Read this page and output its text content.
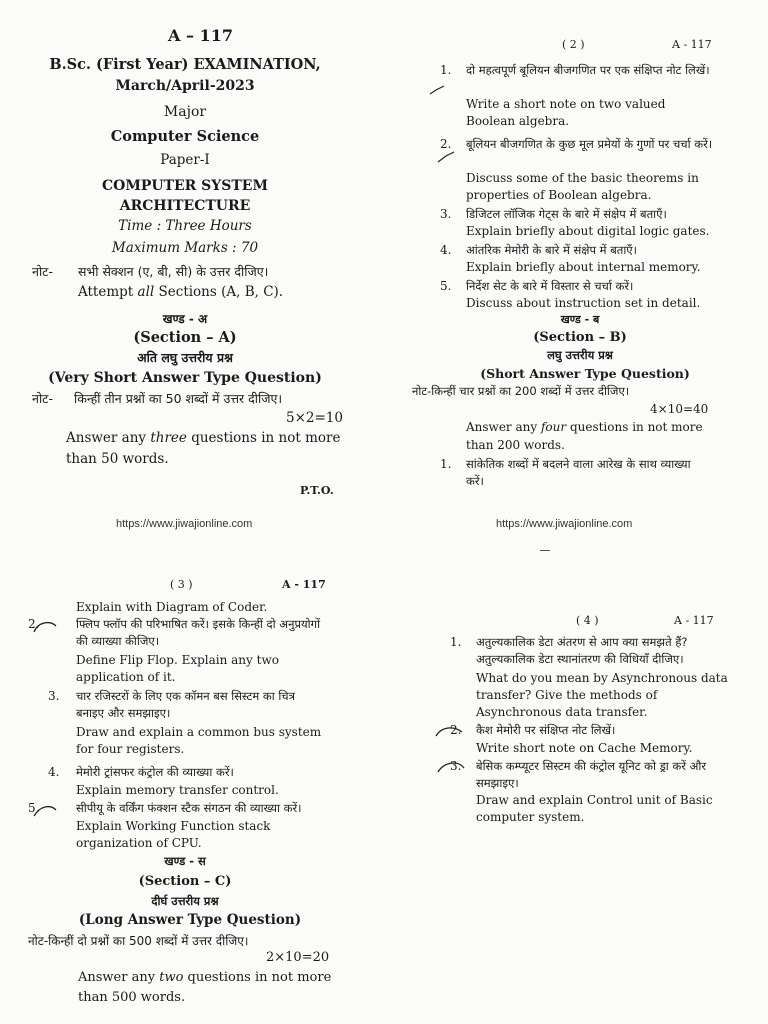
A – 117
B.Sc. (First Year) EXAMINATION,
March/April-2023
Major
Computer Science
Paper-I
COMPUTER SYSTEM
ARCHITECTURE
Time : Three Hours
Maximum Marks : 70
नोट- सभी सेक्शन (ए, बी, सी) के उत्तर दीजिए।
Attempt all Sections (A, B, C).
खण्ड - अ
(Section – A)
अति लघु उत्तरीय प्रश्न
(Very Short Answer Type Question)
नोट- किन्हीं तीन प्रश्नों का 50 शब्दों में उत्तर दीजिए।
5×2=10
Answer any three questions in not more
than 50 words.
P.T.O.
https://www.jiwajionline.com
( 2 )	A - 117
1. दो महत्वपूर्ण बूलियन बीजगणित पर एक संक्षिप्त नोट लिखें।
Write a short note on two valued Boolean algebra.
2. बूलियन बीजगणित के कुछ मूल प्रमेयों के गुणों पर चर्चा करें।
Discuss some of the basic theorems in properties of Boolean algebra.
3. डिजिटल लॉजिक गेट्स के बारे में संक्षेप में बताएँ।
Explain briefly about digital logic gates.
4. आंतरिक मेमोरी के बारे में संक्षेप में बताएँ।
Explain briefly about internal memory.
5. निर्देश सेट के बारे में विस्तार से चर्चा करें।
Discuss about instruction set in detail.
खण्ड - ब
(Section – B)
लघु उत्तरीय प्रश्न
(Short Answer Type Question)
नोट-किन्हीं चार प्रश्नों का 200 शब्दों में उत्तर दीजिए।
4×10=40
Answer any four questions in not more
than 200 words.
1. सांकेतिक शब्दों में बदलने वाला आरेख के साथ व्याख्या करें।
https://www.jiwajionline.com
( 3 )	A - 117
Explain with Diagram of Coder.
2.	फ्लिप फ्लॉप की परिभाषित करें। इसके किन्हीं दो अनुप्रयोगों की व्याख्या कीजिए।
Define Flip Flop. Explain any two application of it.
3. चार रजिस्टरों के लिए एक कॉमन बस सिस्टम का चित्र बनाइए और समझाइए।
Draw and explain a common bus system for four registers.
4. मेमोरी ट्रांसफर कंट्रोल की व्याख्या करें।
Explain memory transfer control.
5.	सीपीयू के वर्किंग फंक्शन स्टैक संगठन की व्याख्या करें।
Explain Working Function stack organization of CPU.
खण्ड - स
(Section – C)
दीर्घ उत्तरीय प्रश्न
(Long Answer Type Question)
नोट-किन्हीं दो प्रश्नों का 500 शब्दों में उत्तर दीजिए।
2×10=20
Answer any two questions in not more
than 500 words.
( 4 )	A - 117
1. अतुल्यकालिक डेटा अंतरण से आप क्या समझते हैं? अतुल्यकालिक डेटा स्थानांतरण की विधियाँ दीजिए।
What do you mean by Asynchronous data transfer? Give the methods of Asynchronous data transfer.
2. कैश मेमोरी पर संक्षिप्त नोट लिखें।
Write short note on Cache Memory.
3. बेसिक कम्प्यूटर सिस्टम की कंट्रोल यूनिट को ड्रा करें और समझाइए।
Draw and explain Control unit of Basic computer system.
